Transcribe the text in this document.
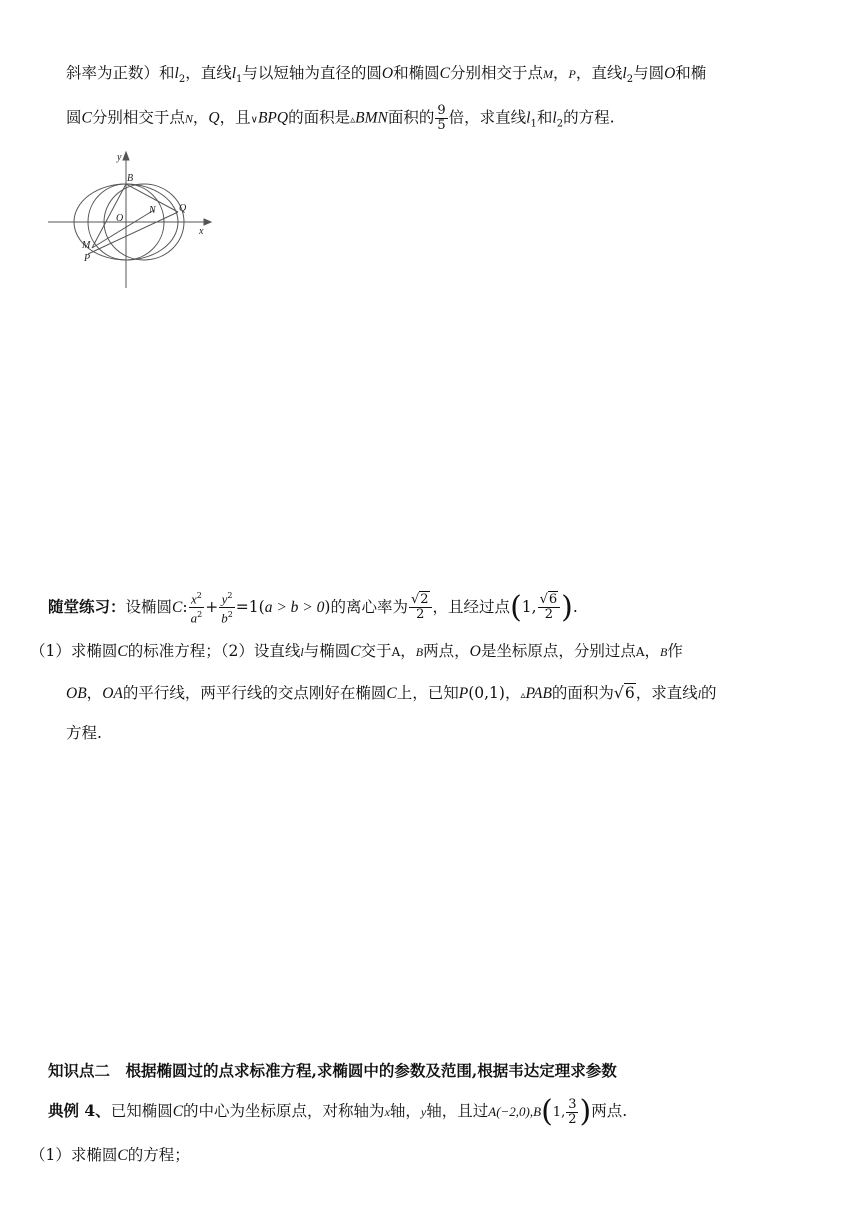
斜率为正数）和$l_2$，直线$l_1$与以短轴为直径的圆O和椭圆C分别相交于点M，P，直线$l_2$与圆O和椭
圆C分别相交于点N，Q，且∨BPQ的面积是▵BMN面积的 $\frac{9}{5}$ 倍，求直线$l_1$和$l_2$的方程.
y
x
B
O
N Q
M
P
随堂练习：设椭圆C: $\frac{x^2}{a^2} + \frac{y^2}{b^2} =1(a > b > 0)$的离心率为 $\frac{√2}{2}$ ，且经过点(1, $\frac{√6}{2}$ ).
（1）求椭圆C的标准方程；（2）设直线l与椭圆C交于A，B两点，O是坐标原点，分别过点A，B作
OB，OA的平行线，两平行线的交点刚好在椭圆C上，已知P(0,1)，▵PAB的面积为√6，求直线l的
方程.
知识点二　根据椭圆过的点求标准方程,求椭圆中的参数及范围,根据韦达定理求参数
典例 4、已知椭圆C的中心为坐标原点，对称轴为x轴，y轴，且过A(−2,0),B(1, $\frac{3}{2}$ )两点.
（1）求椭圆C的方程；
